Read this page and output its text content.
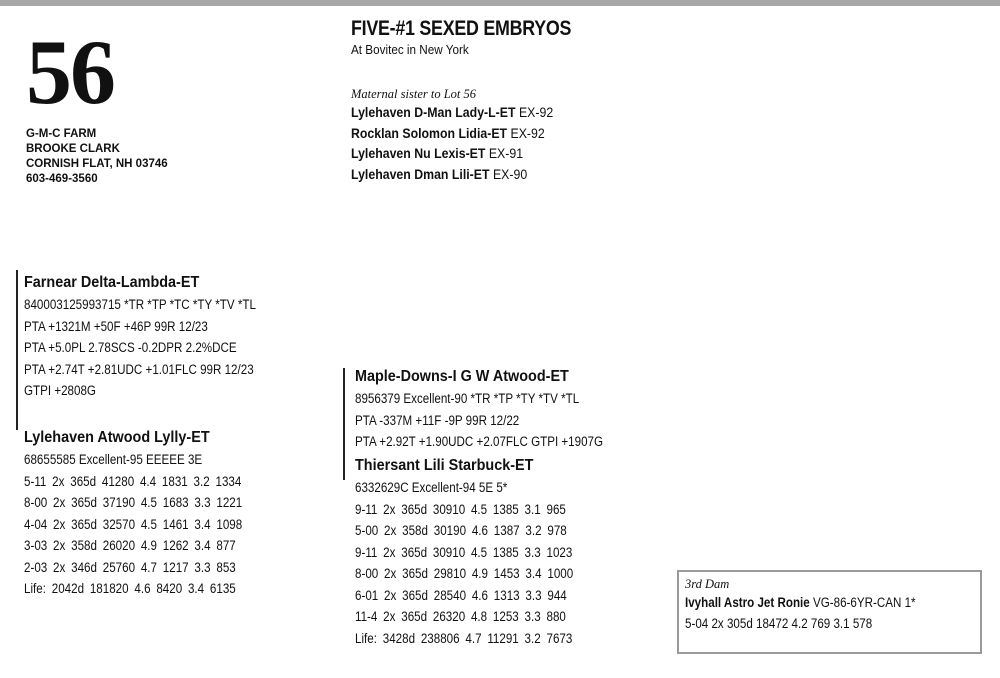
56
G-M-C FARM
BROOKE CLARK
CORNISH FLAT, NH 03746
603-469-3560
FIVE-#1 SEXED EMBRYOS
At Bovitec in New York
Maternal sister to Lot 56
Lylehaven D-Man Lady-L-ET EX-92
Rocklan Solomon Lidia-ET EX-92
Lylehaven Nu Lexis-ET EX-91
Lylehaven Dman Lili-ET EX-90
Farnear Delta-Lambda-ET
840003125993715 *TR *TP *TC *TY *TV *TL
PTA +1321M +50F +46P 99R 12/23
PTA +5.0PL 2.78SCS -0.2DPR 2.2%DCE
PTA +2.74T +2.81UDC +1.01FLC 99R 12/23
GTPI +2808G
Lylehaven Atwood Lylly-ET
68655585 Excellent-95 EEEEE 3E
5-11 2x 365d 41280 4.4 1831 3.2 1334
8-00 2x 365d 37190 4.5 1683 3.3 1221
4-04 2x 365d 32570 4.5 1461 3.4 1098
3-03 2x 358d 26020 4.9 1262 3.4 877
2-03 2x 346d 25760 4.7 1217 3.3 853
Life: 2042d 181820 4.6 8420 3.4 6135
Maple-Downs-I G W Atwood-ET
8956379 Excellent-90 *TR *TP *TY *TV *TL
PTA -337M +11F -9P 99R 12/22
PTA +2.92T +1.90UDC +2.07FLC GTPI +1907G
Thiersant Lili Starbuck-ET
6332629C Excellent-94 5E 5*
9-11 2x 365d 30910 4.5 1385 3.1 965
5-00 2x 358d 30190 4.6 1387 3.2 978
9-11 2x 365d 30910 4.5 1385 3.3 1023
8-00 2x 365d 29810 4.9 1453 3.4 1000
6-01 2x 365d 28540 4.6 1313 3.3 944
11-4 2x 365d 26320 4.8 1253 3.3 880
Life: 3428d 238806 4.7 11291 3.2 7673
3rd Dam
Ivyhall Astro Jet Ronie VG-86-6YR-CAN 1*
5-04 2x 305d 18472 4.2 769 3.1 578
